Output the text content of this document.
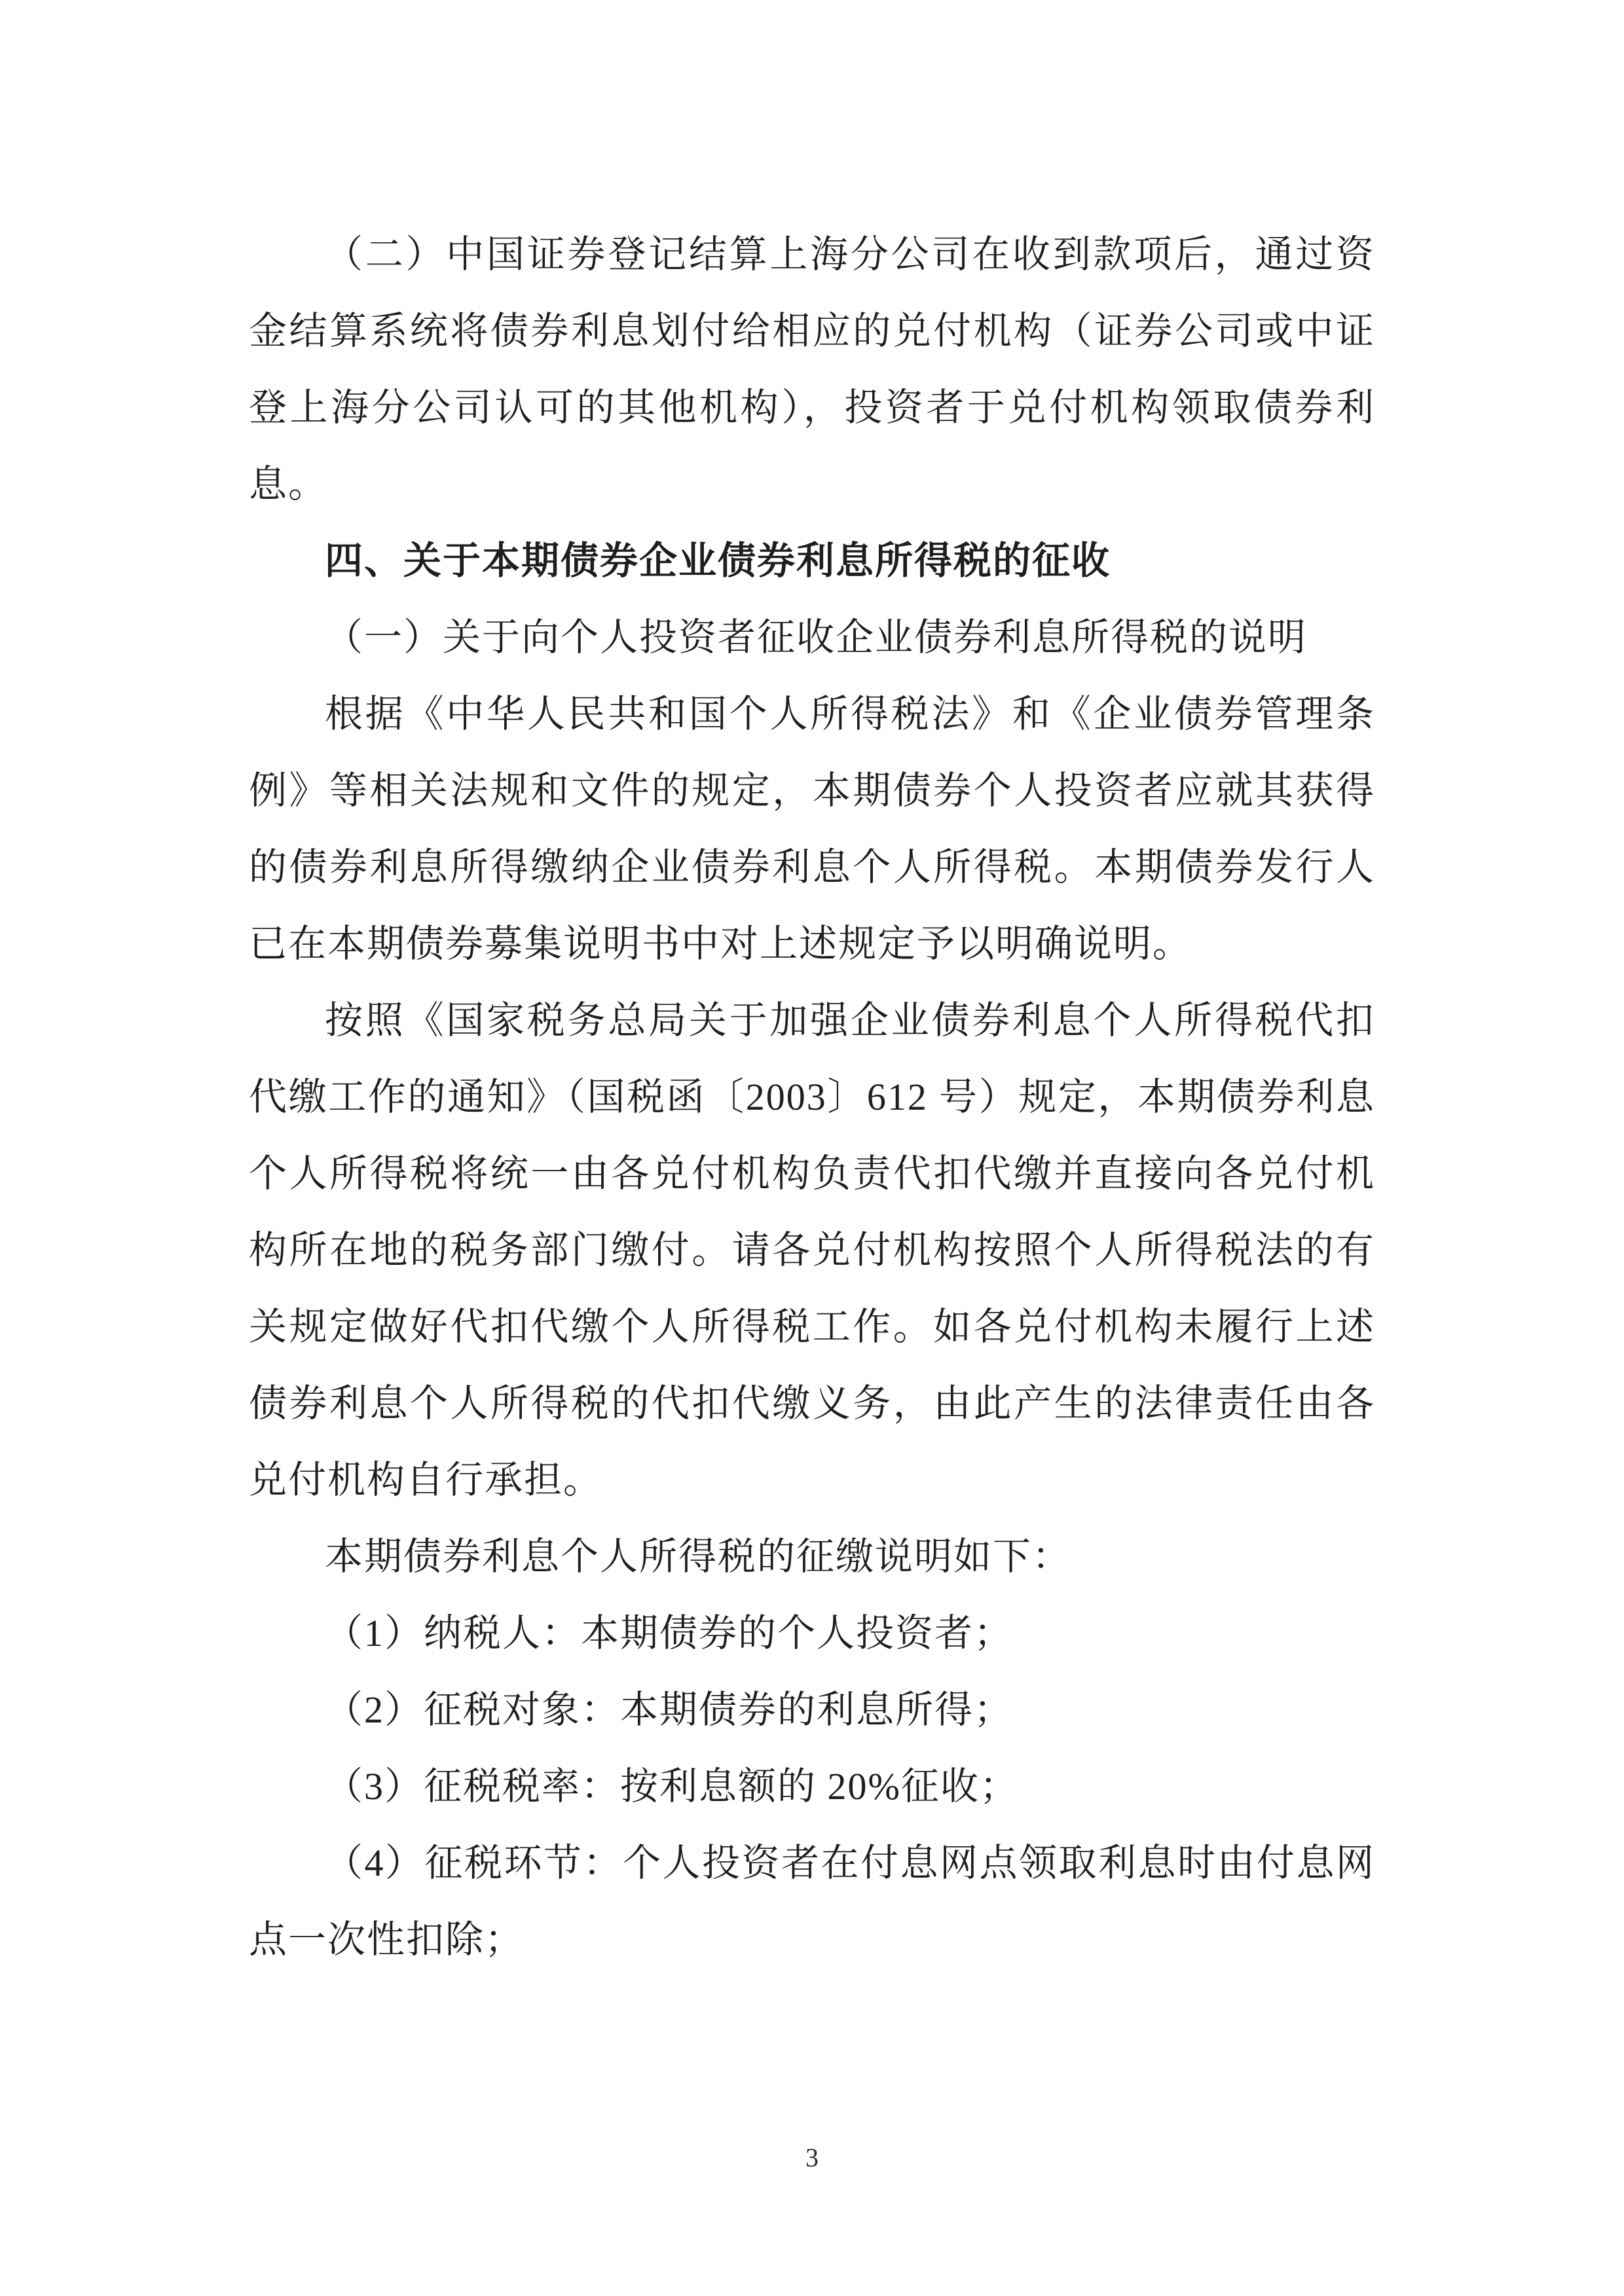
（二）中国证券登记结算上海分公司在收到款项后，通过资金结算系统将债券利息划付给相应的兑付机构（证券公司或中证登上海分公司认可的其他机构），投资者于兑付机构领取债券利息。

四、关于本期债券企业债券利息所得税的征收

（一）关于向个人投资者征收企业债券利息所得税的说明

根据《中华人民共和国个人所得税法》和《企业债券管理条例》等相关法规和文件的规定，本期债券个人投资者应就其获得的债券利息所得缴纳企业债券利息个人所得税。本期债券发行人已在本期债券募集说明书中对上述规定予以明确说明。

按照《国家税务总局关于加强企业债券利息个人所得税代扣代缴工作的通知》（国税函〔2003〕612 号）规定，本期债券利息个人所得税将统一由各兑付机构负责代扣代缴并直接向各兑付机构所在地的税务部门缴付。请各兑付机构按照个人所得税法的有关规定做好代扣代缴个人所得税工作。如各兑付机构未履行上述债券利息个人所得税的代扣代缴义务，由此产生的法律责任由各兑付机构自行承担。

本期债券利息个人所得税的征缴说明如下：

（1）纳税人：本期债券的个人投资者；

（2）征税对象：本期债券的利息所得；

（3）征税税率：按利息额的 20%征收；

（4）征税环节：个人投资者在付息网点领取利息时由付息网点一次性扣除；

3
